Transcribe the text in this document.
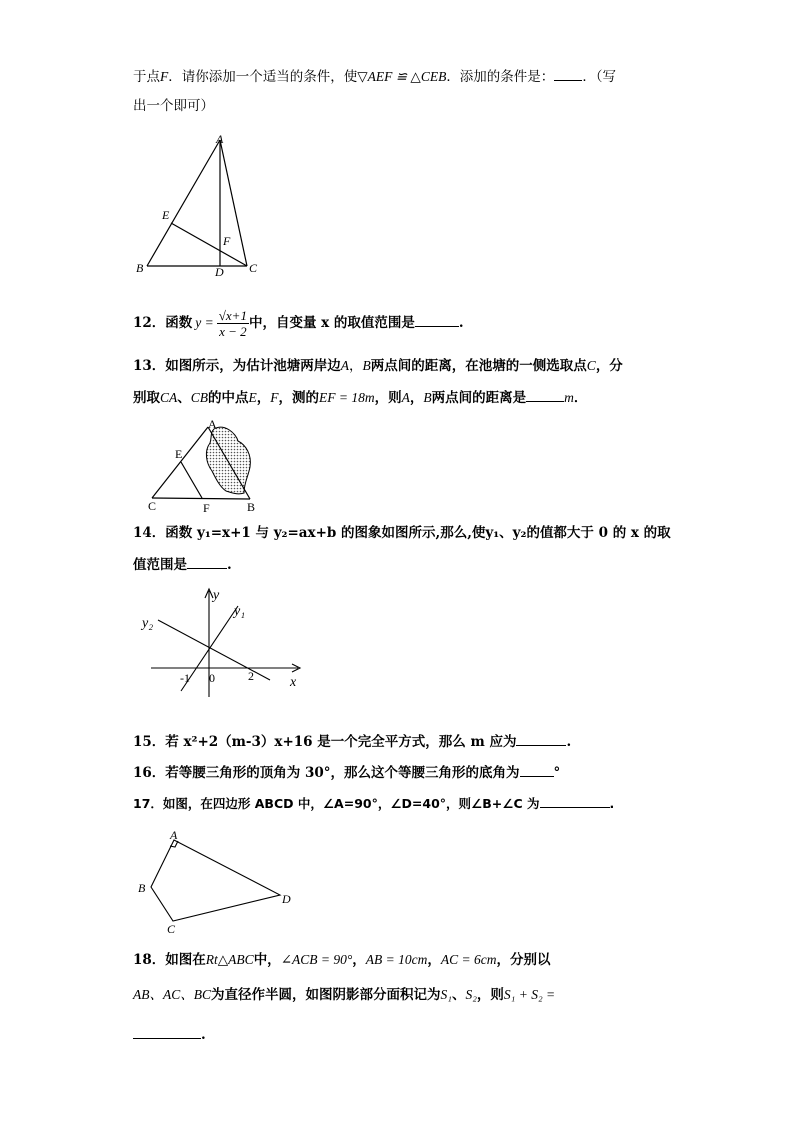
于点F．请你添加一个适当的条件，使▽AEF ≌ △CEB．添加的条件是： ．（写
出一个即可）
A
E
F
B	D C
12．函数 $y = \frac{√x+1}{x - 2}$ 中，自变量 x 的取值范围是	.
13．如图所示，为估计池塘两岸边A，B两点间的距离，在池塘的一侧选取点C，分
别取CA、CB的中点E，F，测的EF = 18m，则A，B两点间的距离是	m．
A
E
C	F	B
14．函数 y₁=x+1 与 y₂=ax+b 的图象如图所示,那么,使y₁、y₂的值都大于 0 的 x 的取
值范围是	.
y
y₁
y₂
x
-1 0	2
15．若 x²+2（m-3）x+16 是一个完全平方式，那么 m 应为	.
16．若等腰三角形的顶角为 30°，那么这个等腰三角形的底角为	°
17．如图，在四边形 ABCD 中，∠A=90°，∠D=40°，则∠B+∠C 为	.
A
B
C
D
18．如图在Rt△ABC中，∠ACB = 90°，AB = 10cm，AC = 6cm，分别以
AB、AC、BC为直径作半圆，如图阴影部分面积记为S₁、S₂，则S₁ + S₂ =
.
